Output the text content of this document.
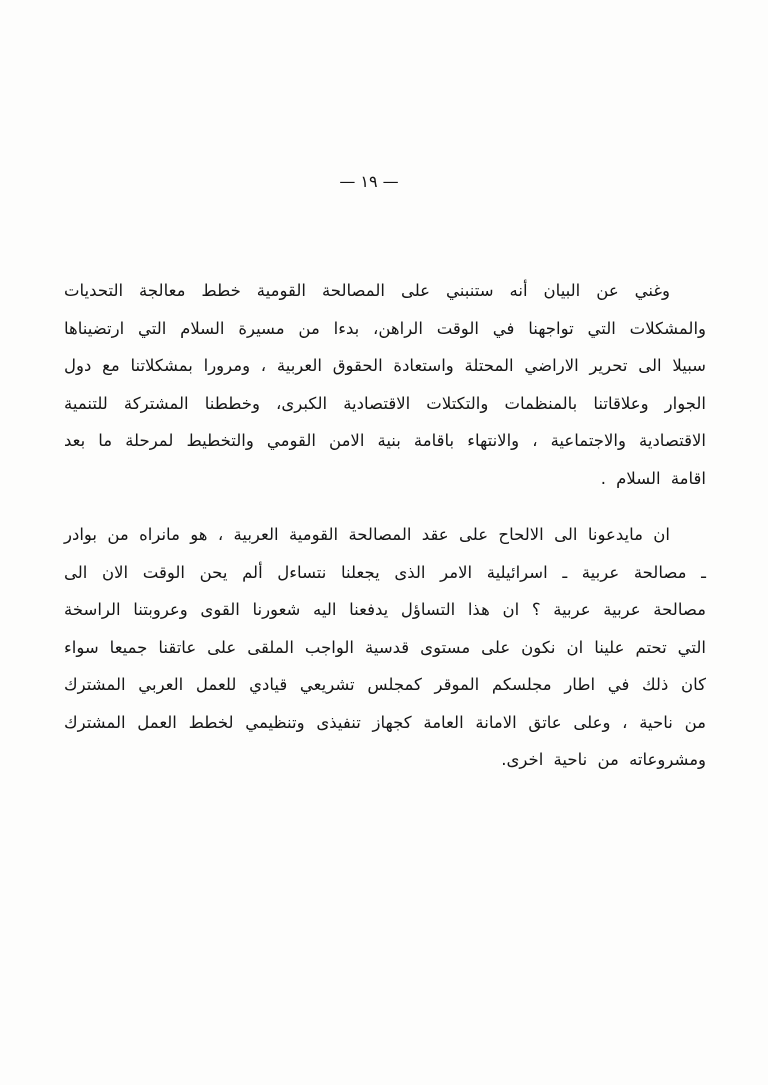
— ١٩ —

وغني عن البيان أنه ستنبني على المصالحة القومية خطط معالجة التحديات والمشكلات التي تواجهنا في الوقت الراهن، بدءا من مسيرة السلام التي ارتضيناها سبيلا الى تحرير الاراضي المحتلة واستعادة الحقوق العربية ، ومرورا بمشكلاتنا مع دول الجوار وعلاقاتنا بالمنظمات والتكتلات الاقتصادية الكبرى، وخططنا المشتركة للتنمية الاقتصادية والاجتماعية ، والانتهاء باقامة بنية الامن القومي والتخطيط لمرحلة ما بعد اقامة السلام .

ان مايدعونا الى الالحاح على عقد المصالحة القومية العربية ، هو مانراه من بوادر ـ مصالحة عربية ـ اسرائيلية الامر الذى يجعلنا نتساءل ألم يحن الوقت الان الى مصالحة عربية عربية ؟ ان هذا التساؤل يدفعنا اليه شعورنا القوى وعروبتنا الراسخة التي تحتم علينا ان نكون على مستوى قدسية الواجب الملقى على عاتقنا جميعا سواء كان ذلك في اطار مجلسكم الموقر كمجلس تشريعي قيادي للعمل العربي المشترك من ناحية ، وعلى عاتق الامانة العامة كجهاز تنفيذى وتنظيمي لخطط العمل المشترك ومشروعاته من ناحية اخرى.
